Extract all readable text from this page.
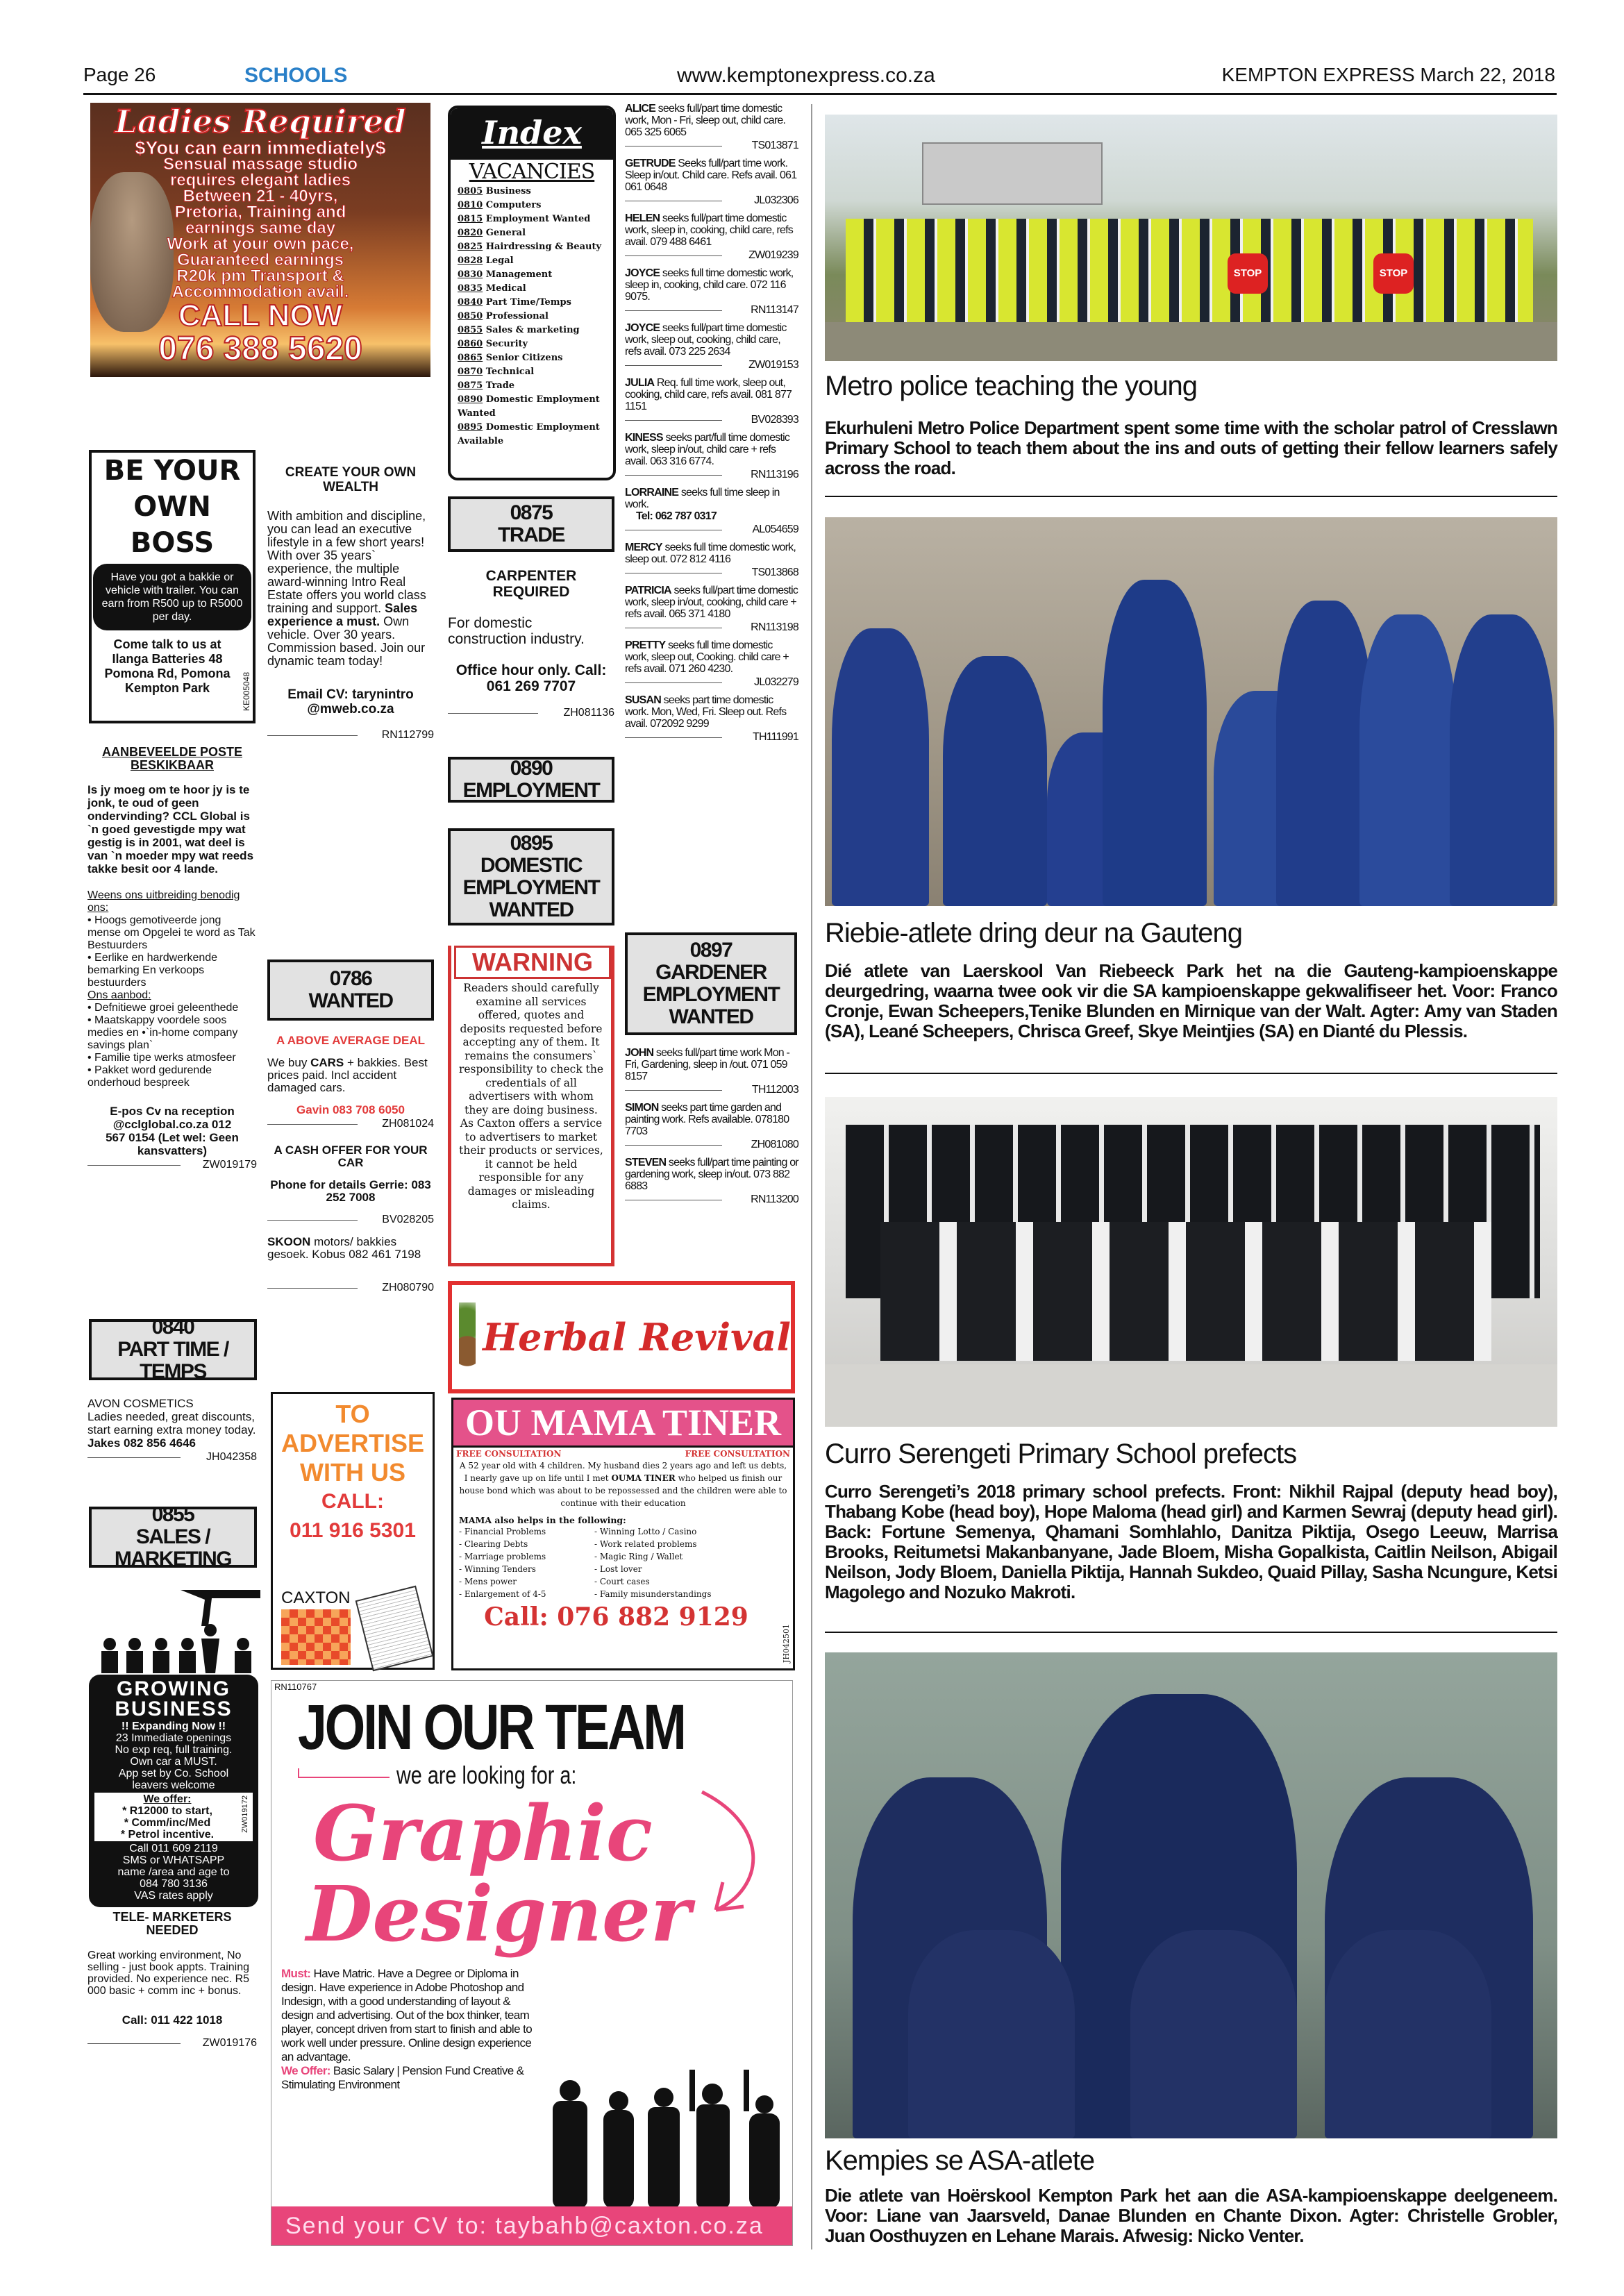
Page 26	SCHOOLS	www.kemptonexpress.co.za	KEMPTON EXPRESS March 22, 2018
Ladies Required
$You can earn immediately$
Sensual massage studio
requires elegant ladies
Between 21 - 40yrs,
Pretoria, Training and
earnings same day
Work at your own pace,
Guaranteed earnings
R20k pm Transport &
Accommodation avail.
CALL NOW
076 388 5620
BE YOUR
OWN BOSS
Have you got a bakkie or vehicle with trailer. You can earn from R500 up to R5000 per day.
Come talk to us at Ilanga Batteries 48 Pomona Rd, Pomona Kempton Park	KE005048
AANBEVEELDE POSTE BESKIKBAAR
Is jy moeg om te hoor jy is te jonk, te oud of geen ondervinding? CCL Global is `n goed gevestigde mpy wat gestig is in 2001, wat deel is van `n moeder mpy wat reeds takke besit oor 4 lande.
Weens ons uitbreiding benodig ons:
• Hoogs gemotiveerde jong mense om Opgelei te word as Tak Bestuurders
• Eerlike en hardwerkende bemarking En verkoops bestuurders
Ons aanbod:
• Defnitiewe groei geleenthede
• Maatskappy voordele soos medies en •`in-home company savings plan`
• Familie tipe werks atmosfeer
• Pakket word gedurende onderhoud bespreek
E-pos Cv na reception @cclglobal.co.za 012 567 0154 (Let wel: Geen kansvatters)
ZW019179
0840
PART TIME / TEMPS
AVON COSMETICS
Ladies needed, great discounts, start earning extra money today.
Jakes 082 856 4646
JH042358
0855
SALES / MARKETING
GROWING
BUSINESS
!! Expanding Now !!
23 Immediate openings
No exp req, full training.
Own car a MUST.
App set by Co. School
leavers welcome
We offer:
* R12000 to start,
* Comm/inc/Med
* Petrol incentive.
ZW019172
Call 011 609 2119
SMS or WHATSAPP
name /area and age to
084 780 3136
VAS rates apply
TELE- MARKETERS NEEDED
Great working environment, No selling - just book appts. Training provided. No experience nec. R5 000 basic + comm inc + bonus.
Call: 011 422 1018
ZW019176
CREATE YOUR OWN WEALTH
With ambition and discipline, you can lead an executive lifestyle in a few short years! With over 35 years` experience, the multiple award-winning Intro Real Estate offers you world class training and support. Sales experience a must. Own vehicle. Over 30 years. Commission based. Join our dynamic team today!
Email CV: tarynintro @mweb.co.za
RN112799
0786
WANTED
A ABOVE AVERAGE DEAL
We buy CARS + bakkies. Best prices paid. Incl accident damaged cars.
Gavin 083 708 6050
ZH081024
A CASH OFFER FOR YOUR CAR
Phone for details Gerrie: 083 252 7008
BV028205
SKOON motors/ bakkies gesoek. Kobus 082 461 7198
ZH080790
TO
ADVERTISE
WITH US
CALL:
011 916 5301
CAXTON
RN110767
JOIN OUR TEAM
we are looking for a:
Graphic
Designer
Must: Have Matric. Have a Degree or Diploma in design. Have experience in Adobe Photoshop and Indesign, with a good understanding of layout & design and advertising. Out of the box thinker, team player, concept driven from start to finish and able to work well under pressure. Online design experience an advantage.
We Offer: Basic Salary | Pension Fund Creative & Stimulating Environment
Send your CV to: taybahb@caxton.co.za
Index
VACANCIES
0805 Business
0810 Computers
0815 Employment Wanted
0820 General
0825 Hairdressing & Beauty
0828 Legal
0830 Management
0835 Medical
0840 Part Time/Temps
0850 Professional
0855 Sales & marketing
0860 Security
0865 Senior Citizens
0870 Technical
0875 Trade
0890 Domestic Employment Wanted
0895 Domestic Employment Available
0875
TRADE
CARPENTER REQUIRED
For domestic construction industry.
Office hour only. Call: 061 269 7707
ZH081136
0890
EMPLOYMENT
0895
DOMESTIC
EMPLOYMENT
WANTED
WARNING
Readers should carefully examine all services offered, quotes and deposits requested before accepting any of them. It remains the consumers` responsibility to check the credentials of all advertisers with whom they are doing business. As Caxton offers a service to advertisers to market their products or services, it cannot be held responsible for any damages or misleading claims.
Herbal Revival
OU MAMA TINER
FREE CONSULTATION	FREE CONSULTATION
A 52 year old with 4 children. My husband dies 2 years ago and left us debts, I nearly gave up on life until I met OUMA TINER who helped us finish our house bond which was about to be repossessed and the children were able to continue with their education
MAMA also helps in the following:
- Financial Problems
- Clearing Debts
- Marriage problems
- Winning Tenders
- Mens power
- Enlargement of 4-5
- Winning Lotto / Casino
- Work related problems
- Magic Ring / Wallet
- Lost lover
- Court cases
- Family misunderstandings
Call: 076 882 9129
JH042501
ALICE seeks full/part time domestic work, Mon - Fri, sleep out, child care. 065 325 6065
TS013871
GETRUDE Seeks full/part time work. Sleep in/out. Child care. Refs avail. 061 061 0648
JL032306
HELEN seeks full/part time domestic work, sleep in, cooking, child care, refs avail. 079 488 6461
ZW019239
JOYCE seeks full time domestic work, sleep in, cooking, child care. 072 116 9075.
RN113147
JOYCE seeks full/part time domestic work, sleep out, cooking, child care, refs avail. 073 225 2634
ZW019153
JULIA Req. full time work, sleep out, cooking, child care, refs avail. 081 877 1151
BV028393
KINESS seeks part/full time domestic work, sleep in/out, child care + refs avail. 063 316 6774.
RN113196
LORRAINE seeks full time sleep in work.
Tel: 062 787 0317
AL054659
MERCY seeks full time domestic work, sleep out. 072 812 4116
TS013868
PATRICIA seeks full/part time domestic work, sleep in/out, cooking, child care + refs avail. 065 371 4180
RN113198
PRETTY seeks full time domestic work, sleep out, Cooking. child care + refs avail. 071 260 4230.
JL032279
SUSAN seeks part time domestic work. Mon, Wed, Fri. Sleep out. Refs avail. 072092 9299
TH111991
0897
GARDENER
EMPLOYMENT
WANTED
JOHN seeks full/part time work Mon - Fri, Gardening, sleep in /out. 071 059 8157
TH112003
SIMON seeks part time garden and painting work. Refs available. 078180 7703
ZH081080
STEVEN seeks full/part time painting or gardening work, sleep in/out. 073 882 6883
RN113200
STOP	STOP
Metro police teaching the young
Ekurhuleni Metro Police Department spent some time with the scholar patrol of Cresslawn Primary School to teach them about the ins and outs of getting their fellow learners safely across the road.
Riebie-atlete dring deur na Gauteng
Dié atlete van Laerskool Van Riebeeck Park het na die Gauteng-kampioenskappe deurgedring, waarna twee ook vir die SA kampioenskappe gekwalifiseer het. Voor: Franco Cronje, Ewan Scheepers,Tenike Blunden en Mirnique van der Walt. Agter: Amy van Staden (SA), Leané Scheepers, Chrisca Greef, Skye Meintjies (SA) en Dianté du Plessis.
Curro Serengeti Primary School prefects
Curro Serengeti’s 2018 primary school prefects. Front: Nikhil Rajpal (deputy head boy), Thabang Kobe (head boy), Hope Maloma (head girl) and Karmen Sewraj (deputy head girl). Back: Fortune Semenya, Qhamani Somhlahlo, Danitza Piktija, Osego Leeuw, Marrisa Brooks, Reitumetsi Makanbanyane, Jade Bloem, Misha Gopalkista, Caitlin Neilson, Abigail Neilson, Jody Bloem, Daniella Piktija, Hannah Sukdeo, Quaid Pillay, Sasha Ncungure, Ketsi Magolego and Nozuko Makroti.
Kempies se ASA-atlete
Die atlete van Hoërskool Kempton Park het aan die ASA-kampioenskappe deelgeneem. Voor: Liane van Jaarsveld, Danae Blunden en Chante Dixon. Agter: Christelle Grobler, Juan Oosthuyzen en Lehane Marais. Afwesig: Nicko Venter.
